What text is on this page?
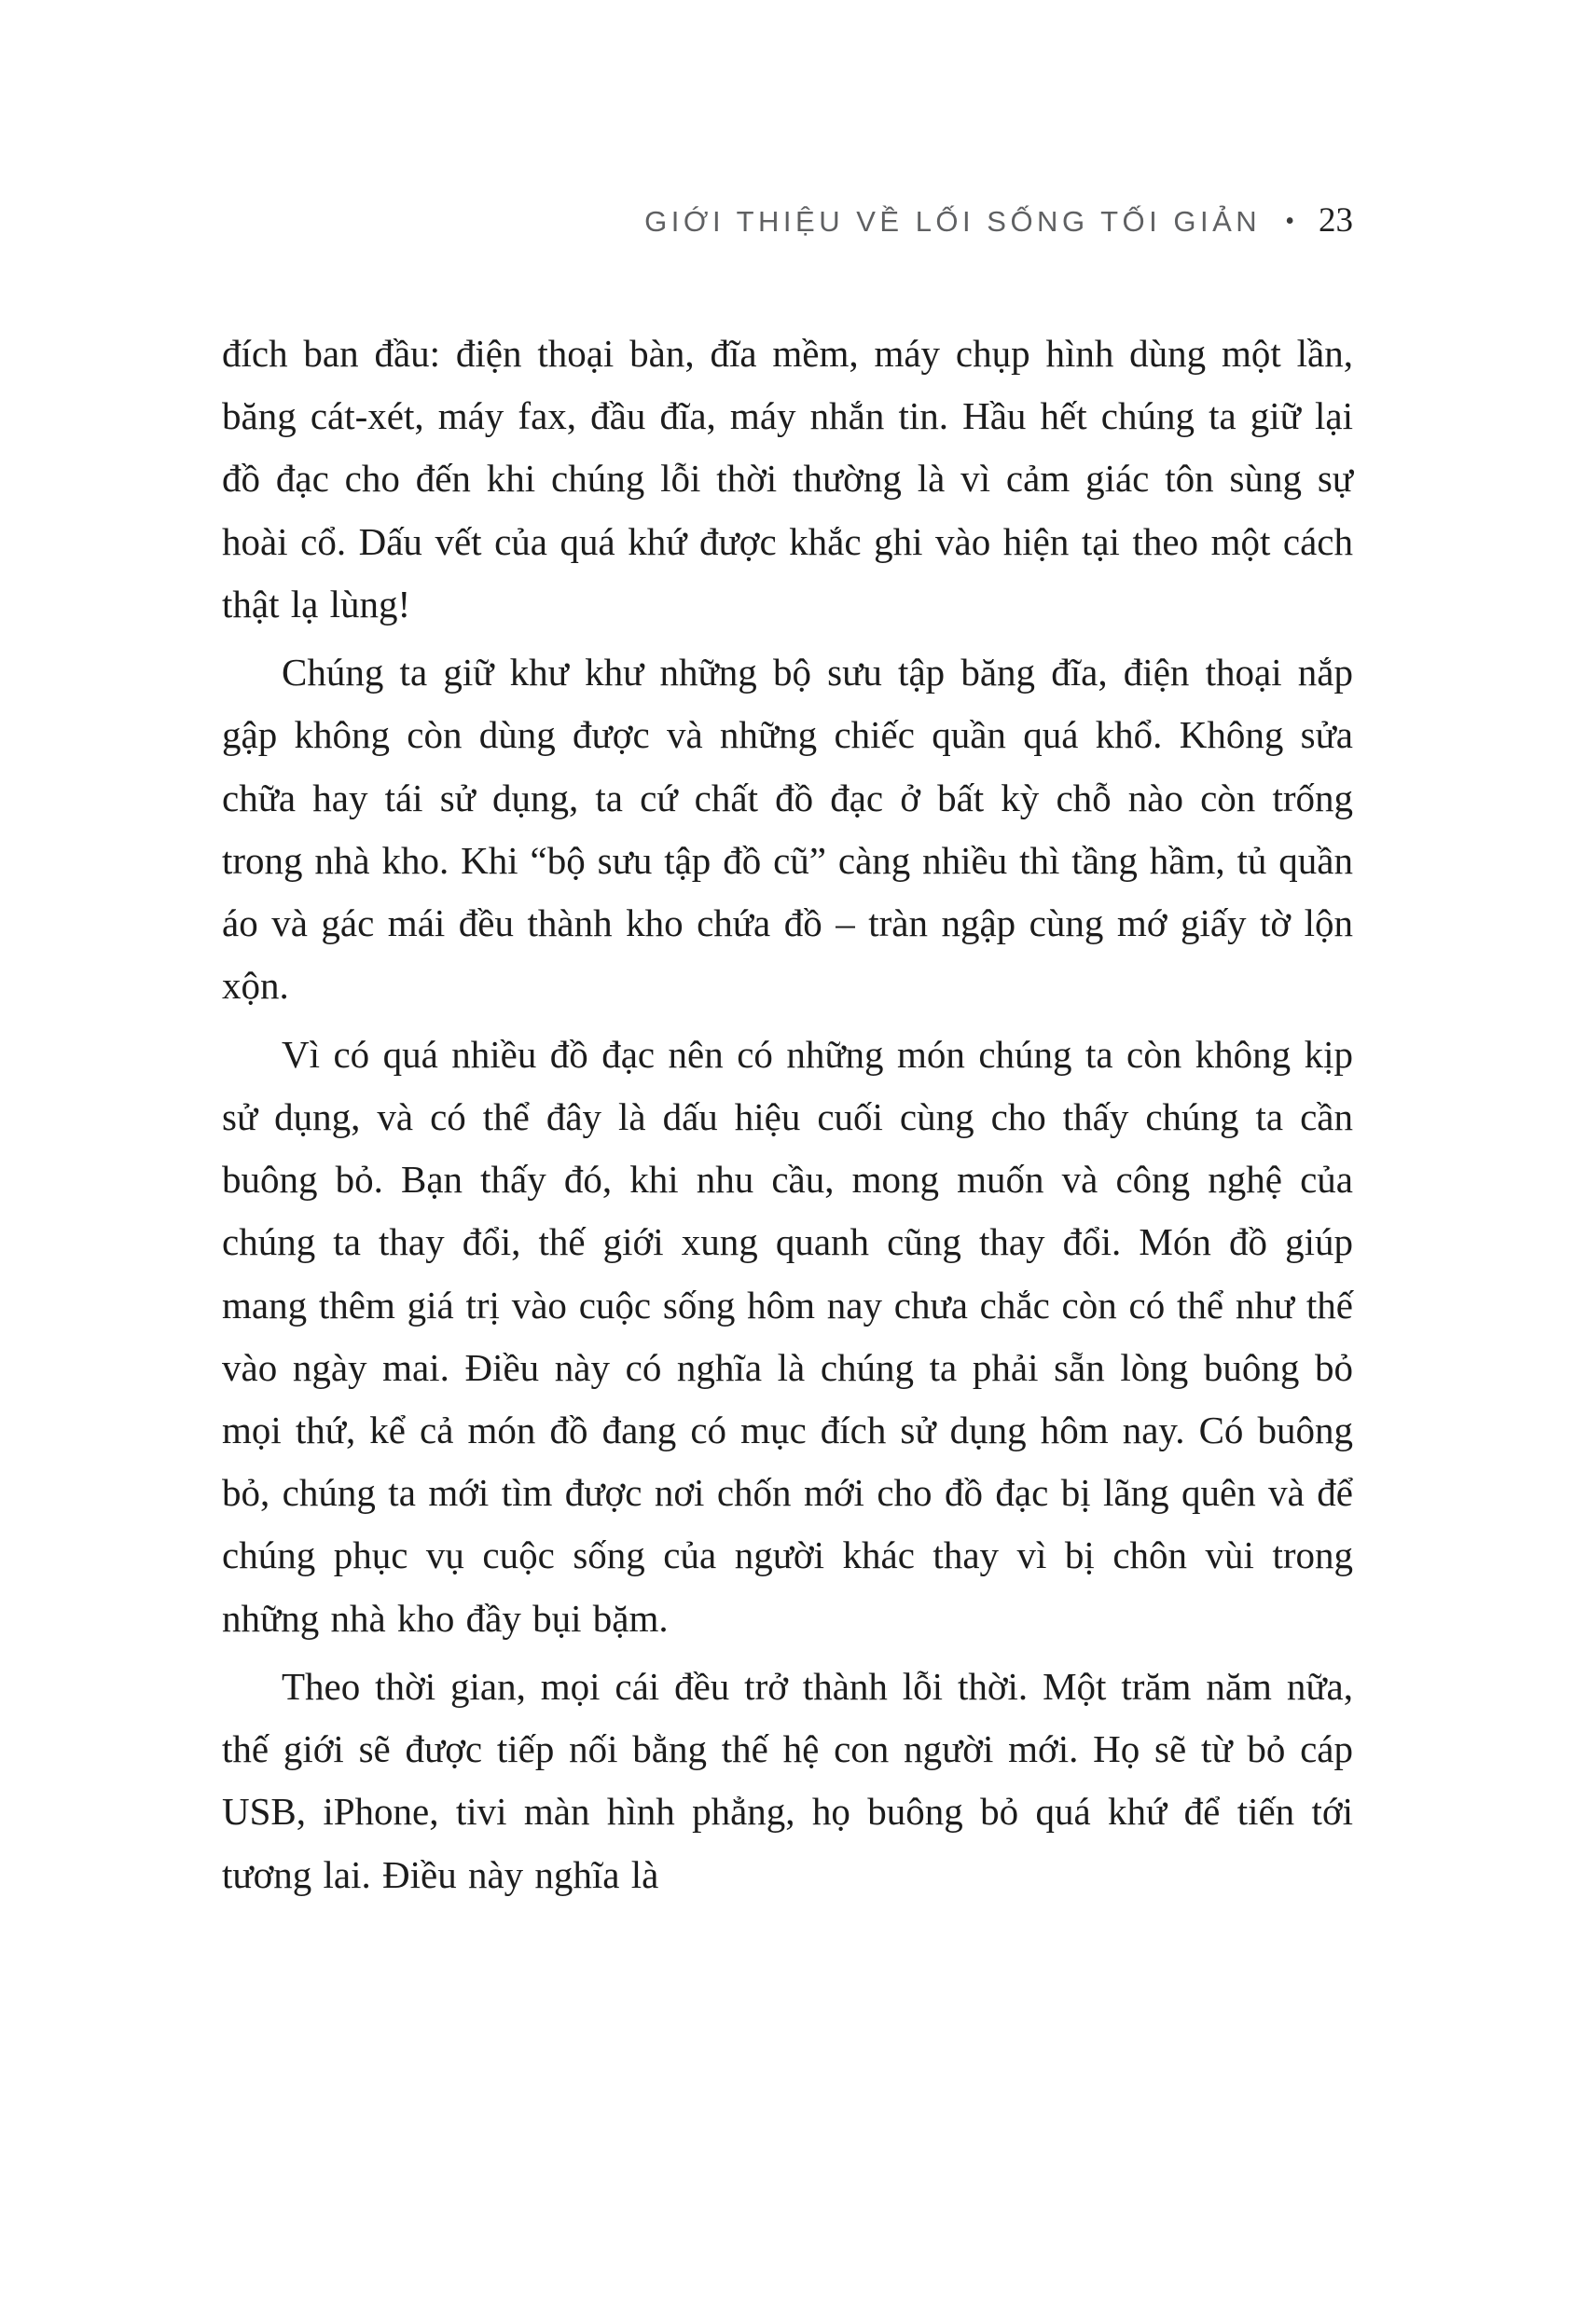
GIỚI THIỆU VỀ LỐI SỐNG TỐI GIẢN • 23

đích ban đầu: điện thoại bàn, đĩa mềm, máy chụp hình dùng một lần, băng cát-xét, máy fax, đầu đĩa, máy nhắn tin. Hầu hết chúng ta giữ lại đồ đạc cho đến khi chúng lỗi thời thường là vì cảm giác tôn sùng sự hoài cổ. Dấu vết của quá khứ được khắc ghi vào hiện tại theo một cách thật lạ lùng!

Chúng ta giữ khư khư những bộ sưu tập băng đĩa, điện thoại nắp gập không còn dùng được và những chiếc quần quá khổ. Không sửa chữa hay tái sử dụng, ta cứ chất đồ đạc ở bất kỳ chỗ nào còn trống trong nhà kho. Khi “bộ sưu tập đồ cũ” càng nhiều thì tầng hầm, tủ quần áo và gác mái đều thành kho chứa đồ – tràn ngập cùng mớ giấy tờ lộn xộn.

Vì có quá nhiều đồ đạc nên có những món chúng ta còn không kịp sử dụng, và có thể đây là dấu hiệu cuối cùng cho thấy chúng ta cần buông bỏ. Bạn thấy đó, khi nhu cầu, mong muốn và công nghệ của chúng ta thay đổi, thế giới xung quanh cũng thay đổi. Món đồ giúp mang thêm giá trị vào cuộc sống hôm nay chưa chắc còn có thể như thế vào ngày mai. Điều này có nghĩa là chúng ta phải sẵn lòng buông bỏ mọi thứ, kể cả món đồ đang có mục đích sử dụng hôm nay. Có buông bỏ, chúng ta mới tìm được nơi chốn mới cho đồ đạc bị lãng quên và để chúng phục vụ cuộc sống của người khác thay vì bị chôn vùi trong những nhà kho đầy bụi bặm.

Theo thời gian, mọi cái đều trở thành lỗi thời. Một trăm năm nữa, thế giới sẽ được tiếp nối bằng thế hệ con người mới. Họ sẽ từ bỏ cáp USB, iPhone, tivi màn hình phẳng, họ buông bỏ quá khứ để tiến tới tương lai. Điều này nghĩa là
